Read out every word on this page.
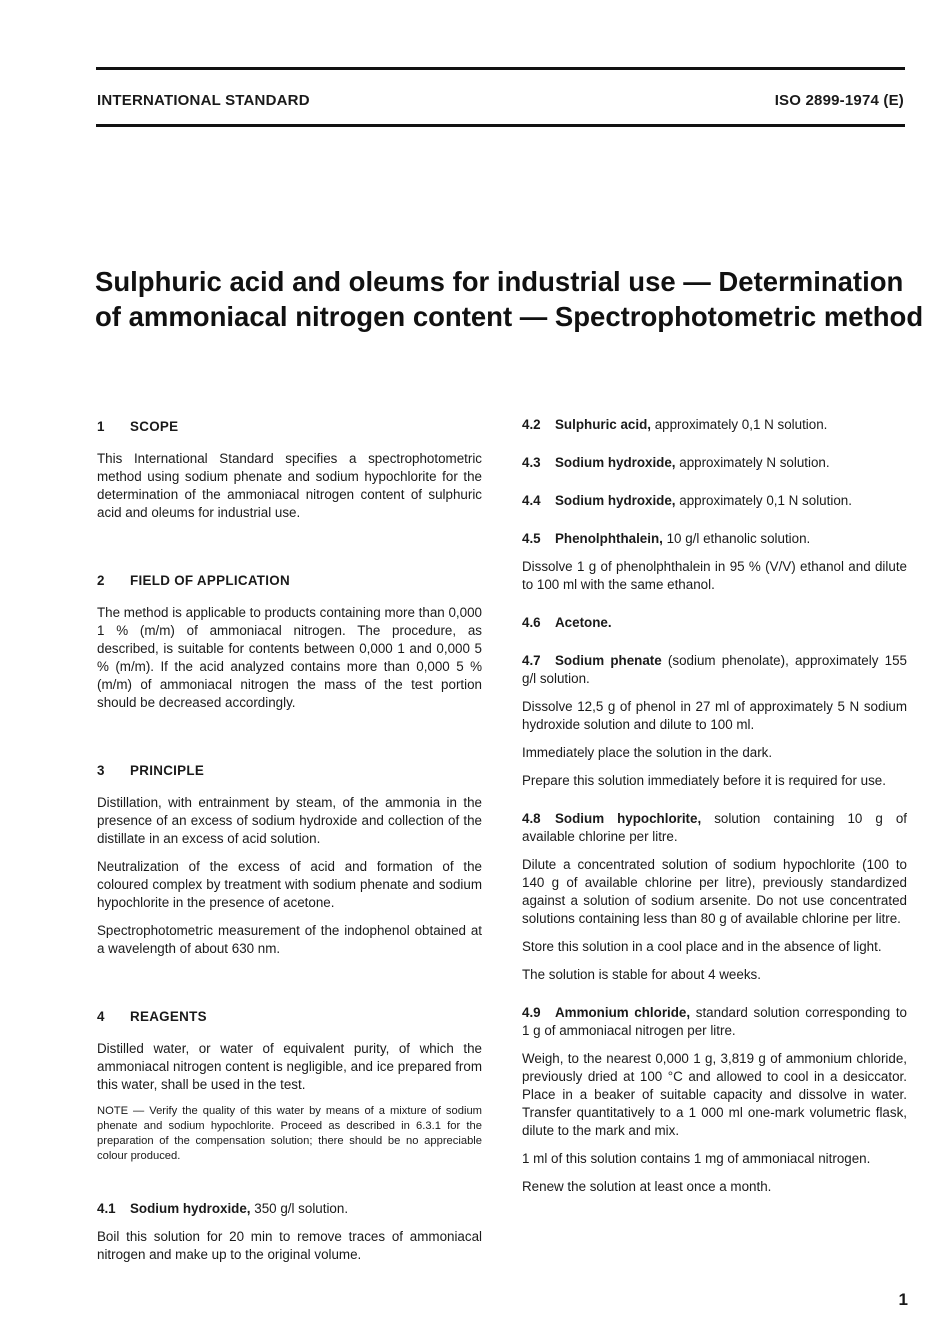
INTERNATIONAL STANDARD	ISO 2899-1974 (E)
Sulphuric acid and oleums for industrial use — Determination of ammoniacal nitrogen content — Spectrophotometric method
1 SCOPE

This International Standard specifies a spectrophotometric method using sodium phenate and sodium hypochlorite for the determination of the ammoniacal nitrogen content of sulphuric acid and oleums for industrial use.

2 FIELD OF APPLICATION

The method is applicable to products containing more than 0,000 1 % (m/m) of ammoniacal nitrogen. The procedure, as described, is suitable for contents between 0,000 1 and 0,000 5 % (m/m). If the acid analyzed contains more than 0,000 5 % (m/m) of ammoniacal nitrogen the mass of the test portion should be decreased accordingly.

3 PRINCIPLE

Distillation, with entrainment by steam, of the ammonia in the presence of an excess of sodium hydroxide and collection of the distillate in an excess of acid solution.

Neutralization of the excess of acid and formation of the coloured complex by treatment with sodium phenate and sodium hypochlorite in the presence of acetone.

Spectrophotometric measurement of the indophenol obtained at a wavelength of about 630 nm.

4 REAGENTS

Distilled water, or water of equivalent purity, of which the ammoniacal nitrogen content is negligible, and ice prepared from this water, shall be used in the test.

NOTE — Verify the quality of this water by means of a mixture of sodium phenate and sodium hypochlorite. Proceed as described in 6.3.1 for the preparation of the compensation solution; there should be no appreciable colour produced.

4.1 Sodium hydroxide, 350 g/l solution.

Boil this solution for 20 min to remove traces of ammoniacal nitrogen and make up to the original volume.

4.2 Sulphuric acid, approximately 0,1 N solution.

4.3 Sodium hydroxide, approximately N solution.

4.4 Sodium hydroxide, approximately 0,1 N solution.

4.5 Phenolphthalein, 10 g/l ethanolic solution.

Dissolve 1 g of phenolphthalein in 95 % (V/V) ethanol and dilute to 100 ml with the same ethanol.

4.6 Acetone.

4.7 Sodium phenate (sodium phenolate), approximately 155 g/l solution.

Dissolve 12,5 g of phenol in 27 ml of approximately 5 N sodium hydroxide solution and dilute to 100 ml.

Immediately place the solution in the dark.

Prepare this solution immediately before it is required for use.

4.8 Sodium hypochlorite, solution containing 10 g of available chlorine per litre.

Dilute a concentrated solution of sodium hypochlorite (100 to 140 g of available chlorine per litre), previously standardized against a solution of sodium arsenite. Do not use concentrated solutions containing less than 80 g of available chlorine per litre.

Store this solution in a cool place and in the absence of light.

The solution is stable for about 4 weeks.

4.9 Ammonium chloride, standard solution corresponding to 1 g of ammoniacal nitrogen per litre.

Weigh, to the nearest 0,000 1 g, 3,819 g of ammonium chloride, previously dried at 100 °C and allowed to cool in a desiccator. Place in a beaker of suitable capacity and dissolve in water. Transfer quantitatively to a 1 000 ml one-mark volumetric flask, dilute to the mark and mix.

1 ml of this solution contains 1 mg of ammoniacal nitrogen.

Renew the solution at least once a month.

1
